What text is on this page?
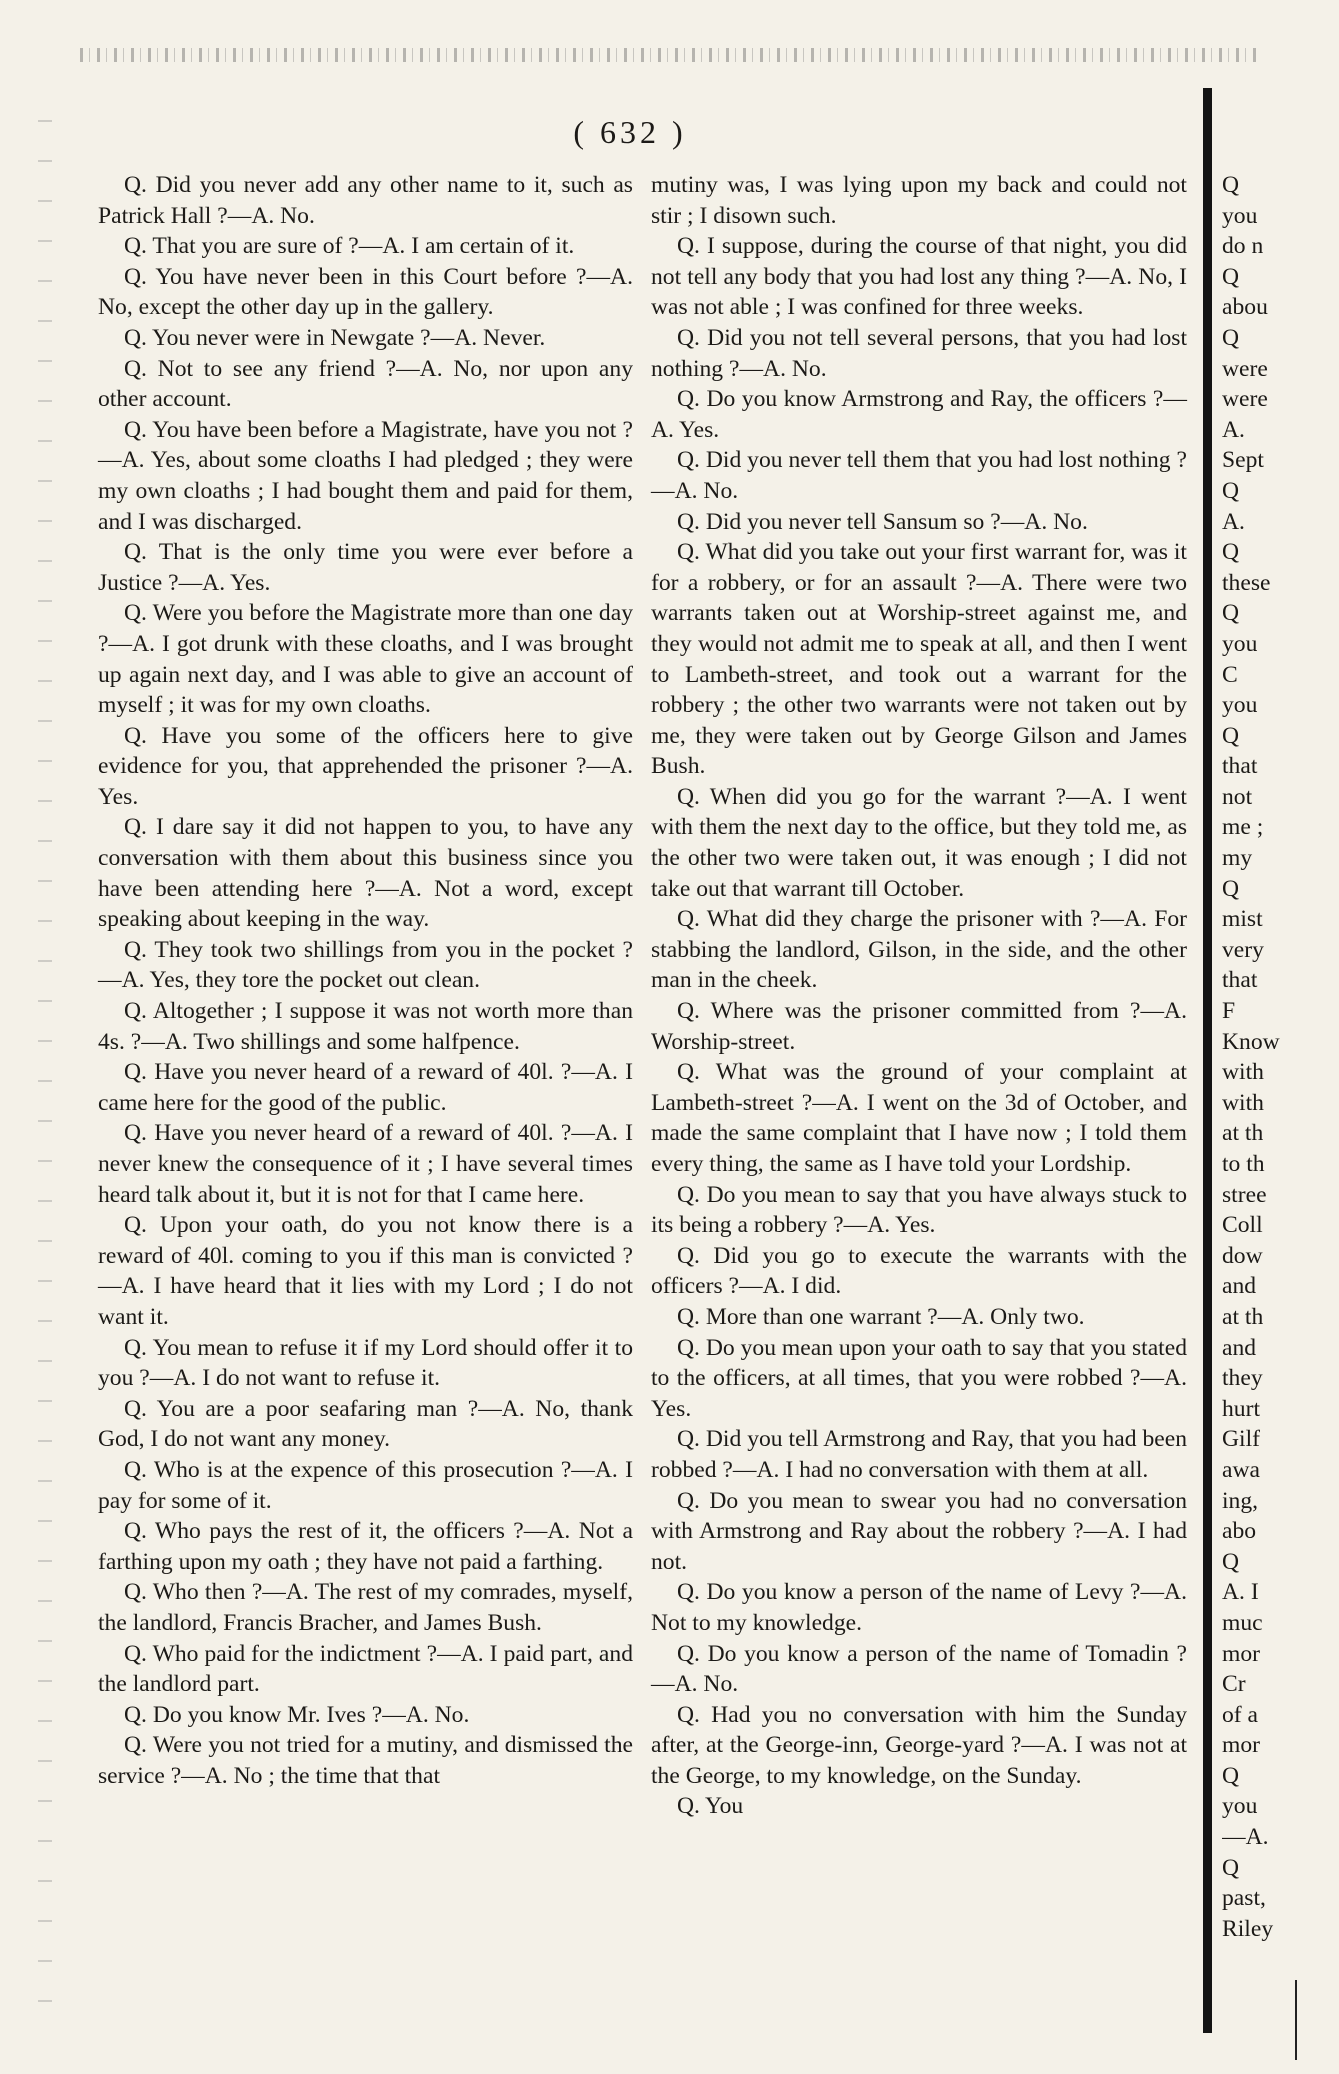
( 632 )

Q. Did you never add any other name to it, such as Patrick Hall ?—A. No.

Q. That you are sure of ?—A. I am certain of it.

Q. You have never been in this Court before ?—A. No, except the other day up in the gallery.

Q. You never were in Newgate ?—A. Never.

Q. Not to see any friend ?—A. No, nor upon any other account.

Q. You have been before a Magistrate, have you not ?—A. Yes, about some cloaths I had pledged ; they were my own cloaths ; I had bought them and paid for them, and I was discharged.

Q. That is the only time you were ever before a Justice ?—A. Yes.

Q. Were you before the Magistrate more than one day ?—A. I got drunk with these cloaths, and I was brought up again next day, and I was able to give an account of myself ; it was for my own cloaths.

Q. Have you some of the officers here to give evidence for you, that apprehended the prisoner ?—A. Yes.

Q. I dare say it did not happen to you, to have any conversation with them about this business since you have been attending here ?—A. Not a word, except speaking about keeping in the way.

Q. They took two shillings from you in the pocket ?—A. Yes, they tore the pocket out clean.

Q. Altogether ; I suppose it was not worth more than 4s. ?—A. Two shillings and some halfpence.

Q. Have you never heard of a reward of 40l. ?—A. I came here for the good of the public.

Q. Have you never heard of a reward of 40l. ?—A. I never knew the consequence of it ; I have several times heard talk about it, but it is not for that I came here.

Q. Upon your oath, do you not know there is a reward of 40l. coming to you if this man is convicted ?—A. I have heard that it lies with my Lord ; I do not want it.

Q. You mean to refuse it if my Lord should offer it to you ?—A. I do not want to refuse it.

Q. You are a poor seafaring man ?—A. No, thank God, I do not want any money.

Q. Who is at the expence of this prosecution ?—A. I pay for some of it.

Q. Who pays the rest of it, the officers ?—A. Not a farthing upon my oath ; they have not paid a farthing.

Q. Who then ?—A. The rest of my comrades, myself, the landlord, Francis Bracher, and James Bush.

Q. Who paid for the indictment ?—A. I paid part, and the landlord part.

Q. Do you know Mr. Ives ?—A. No.

Q. Were you not tried for a mutiny, and dismissed the service ?—A. No ; the time that that

mutiny was, I was lying upon my back and could not stir ; I disown such.

Q. I suppose, during the course of that night, you did not tell any body that you had lost any thing ?—A. No, I was not able ; I was confined for three weeks.

Q. Did you not tell several persons, that you had lost nothing ?—A. No.

Q. Do you know Armstrong and Ray, the officers ?—A. Yes.

Q. Did you never tell them that you had lost nothing ?—A. No.

Q. Did you never tell Sansum so ?—A. No.

Q. What did you take out your first warrant for, was it for a robbery, or for an assault ?—A. There were two warrants taken out at Worship-street against me, and they would not admit me to speak at all, and then I went to Lambeth-street, and took out a warrant for the robbery ; the other two warrants were not taken out by me, they were taken out by George Gilson and James Bush.

Q. When did you go for the warrant ?—A. I went with them the next day to the office, but they told me, as the other two were taken out, it was enough ; I did not take out that warrant till October.

Q. What did they charge the prisoner with ?—A. For stabbing the landlord, Gilson, in the side, and the other man in the cheek.

Q. Where was the prisoner committed from ?—A. Worship-street.

Q. What was the ground of your complaint at Lambeth-street ?—A. I went on the 3d of October, and made the same complaint that I have now ; I told them every thing, the same as I have told your Lordship.

Q. Do you mean to say that you have always stuck to its being a robbery ?—A. Yes.

Q. Did you go to execute the warrants with the officers ?—A. I did.

Q. More than one warrant ?—A. Only two.

Q. Do you mean upon your oath to say that you stated to the officers, at all times, that you were robbed ?—A. Yes.

Q. Did you tell Armstrong and Ray, that you had been robbed ?—A. I had no conversation with them at all.

Q. Do you mean to swear you had no conversation with Armstrong and Ray about the robbery ?—A. I had not.

Q. Do you know a person of the name of Levy ?—A. Not to my knowledge.

Q. Do you know a person of the name of Tomadin ?—A. No.

Q. Had you no conversation with him the Sunday after, at the George-inn, George-yard ?—A. I was not at the George, to my knowledge, on the Sunday.

Q. You

Q
you
do n
Q
abou
Q
were
were
A.
Sept
Q
A.
Q
these
Q
you
C
you
Q
that
not
me ;
my
Q
mist
very
that
F
Know
with
with
at th
to th
stree
Coll
dow
and
at th
and
they
hurt
Gilf
awa
ing,
abo
Q
A. I
muc
mor
Cr
of a
mor
Q
you
—A.
Q
past,
Riley
